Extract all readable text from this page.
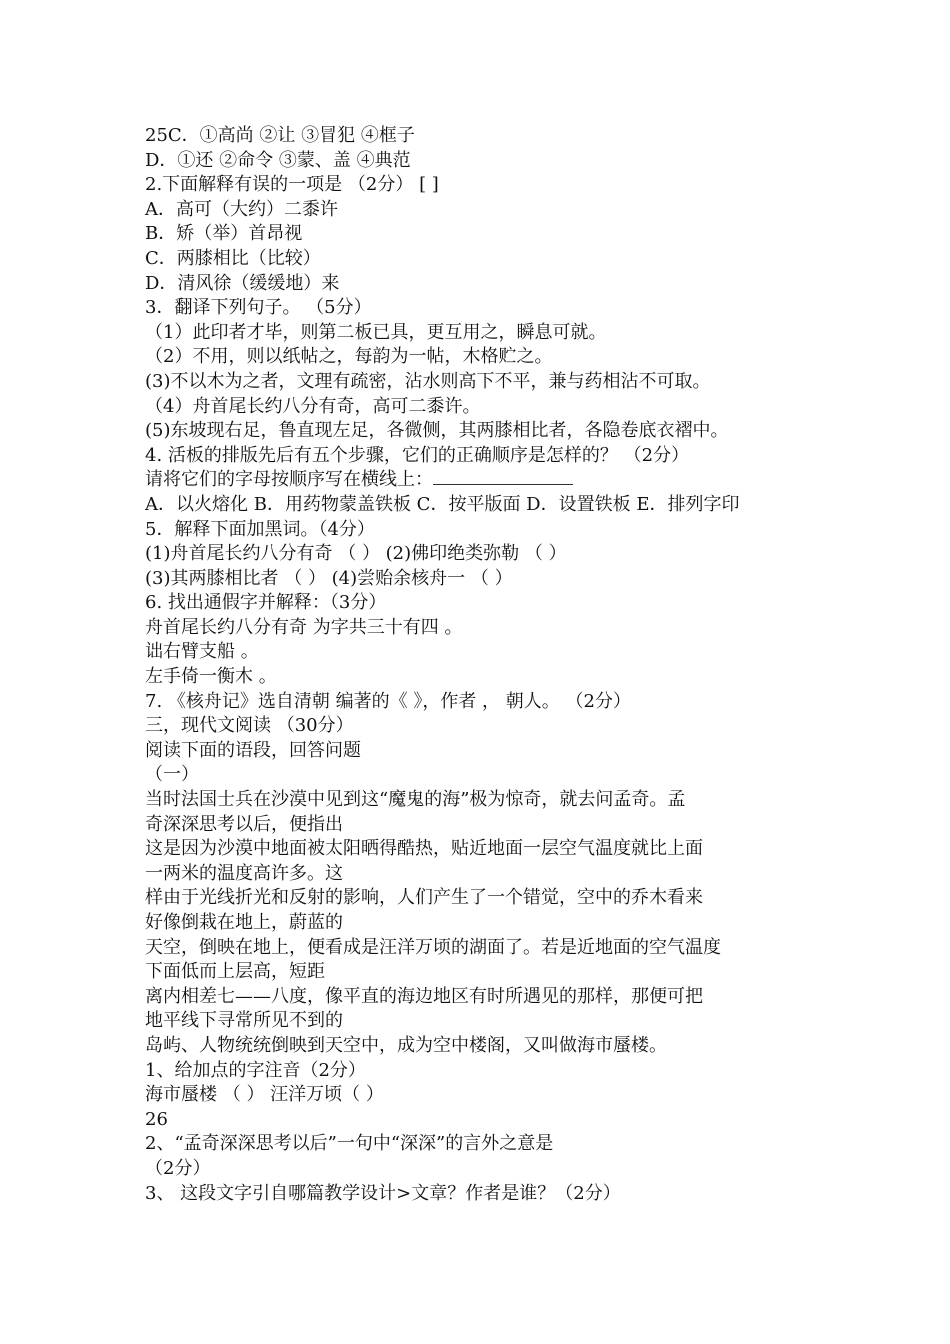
25C．①高尚 ②让 ③冒犯 ④框子
D．①还 ②命令 ③蒙、盖 ④典范
2.下面解释有误的一项是 （2分） [ ]
A．高可（大约）二黍许
B．矫（举）首昂视
C．两膝相比（比较）
D．清风徐（缓缓地）来
3．翻译下列句子。 （5分）
（1）此印者才毕，则第二板已具，更互用之，瞬息可就。
（2）不用，则以纸帖之，每韵为一帖，木格贮之。
(3)不以木为之者，文理有疏密，沾水则高下不平，兼与药相沾不可取。
（4）舟首尾长约八分有奇，高可二黍许。
(5)东坡现右足，鲁直现左足，各微侧，其两膝相比者，各隐卷底衣褶中。
4. 活板的排版先后有五个步骤，它们的正确顺序是怎样的？ （2分）
请将它们的字母按顺序写在横线上：
A．以火熔化 B．用药物蒙盖铁板 C．按平版面 D．设置铁板 E．排列字印
5．解释下面加黑词。（4分）
(1)舟首尾长约八分有奇 （ ） (2)佛印绝类弥勒 （ ）
(3)其两膝相比者 （ ） (4)尝贻余核舟一 （ ）
6. 找出通假字并解释：（3分）
舟首尾长约八分有奇 为字共三十有四 。
诎右臂支船 。
左手倚一衡木 。
7. 《核舟记》选自清朝 编著的《 》，作者 ， 朝人。 （2分）
三，现代文阅读 （30分）
阅读下面的语段，回答问题
（一）
当时法国士兵在沙漠中见到这“魔鬼的海”极为惊奇，就去问孟奇。孟
奇深深思考以后，便指出
这是因为沙漠中地面被太阳晒得酷热，贴近地面一层空气温度就比上面
一两米的温度高许多。这
样由于光线折光和反射的影响，人们产生了一个错觉，空中的乔木看来
好像倒栽在地上，蔚蓝的
天空，倒映在地上，便看成是汪洋万顷的湖面了。若是近地面的空气温度
下面低而上层高，短距
离内相差七——八度，像平直的海边地区有时所遇见的那样，那便可把
地平线下寻常所见不到的
岛屿、人物统统倒映到天空中，成为空中楼阁，又叫做海市蜃楼。
1、给加点的字注音（2分）
海市蜃楼 （ ） 汪洋万顷（ ）
26
2、“孟奇深深思考以后”一句中“深深”的言外之意是
（2分）
3、 这段文字引自哪篇教学设计>文章？作者是谁？（2分）
